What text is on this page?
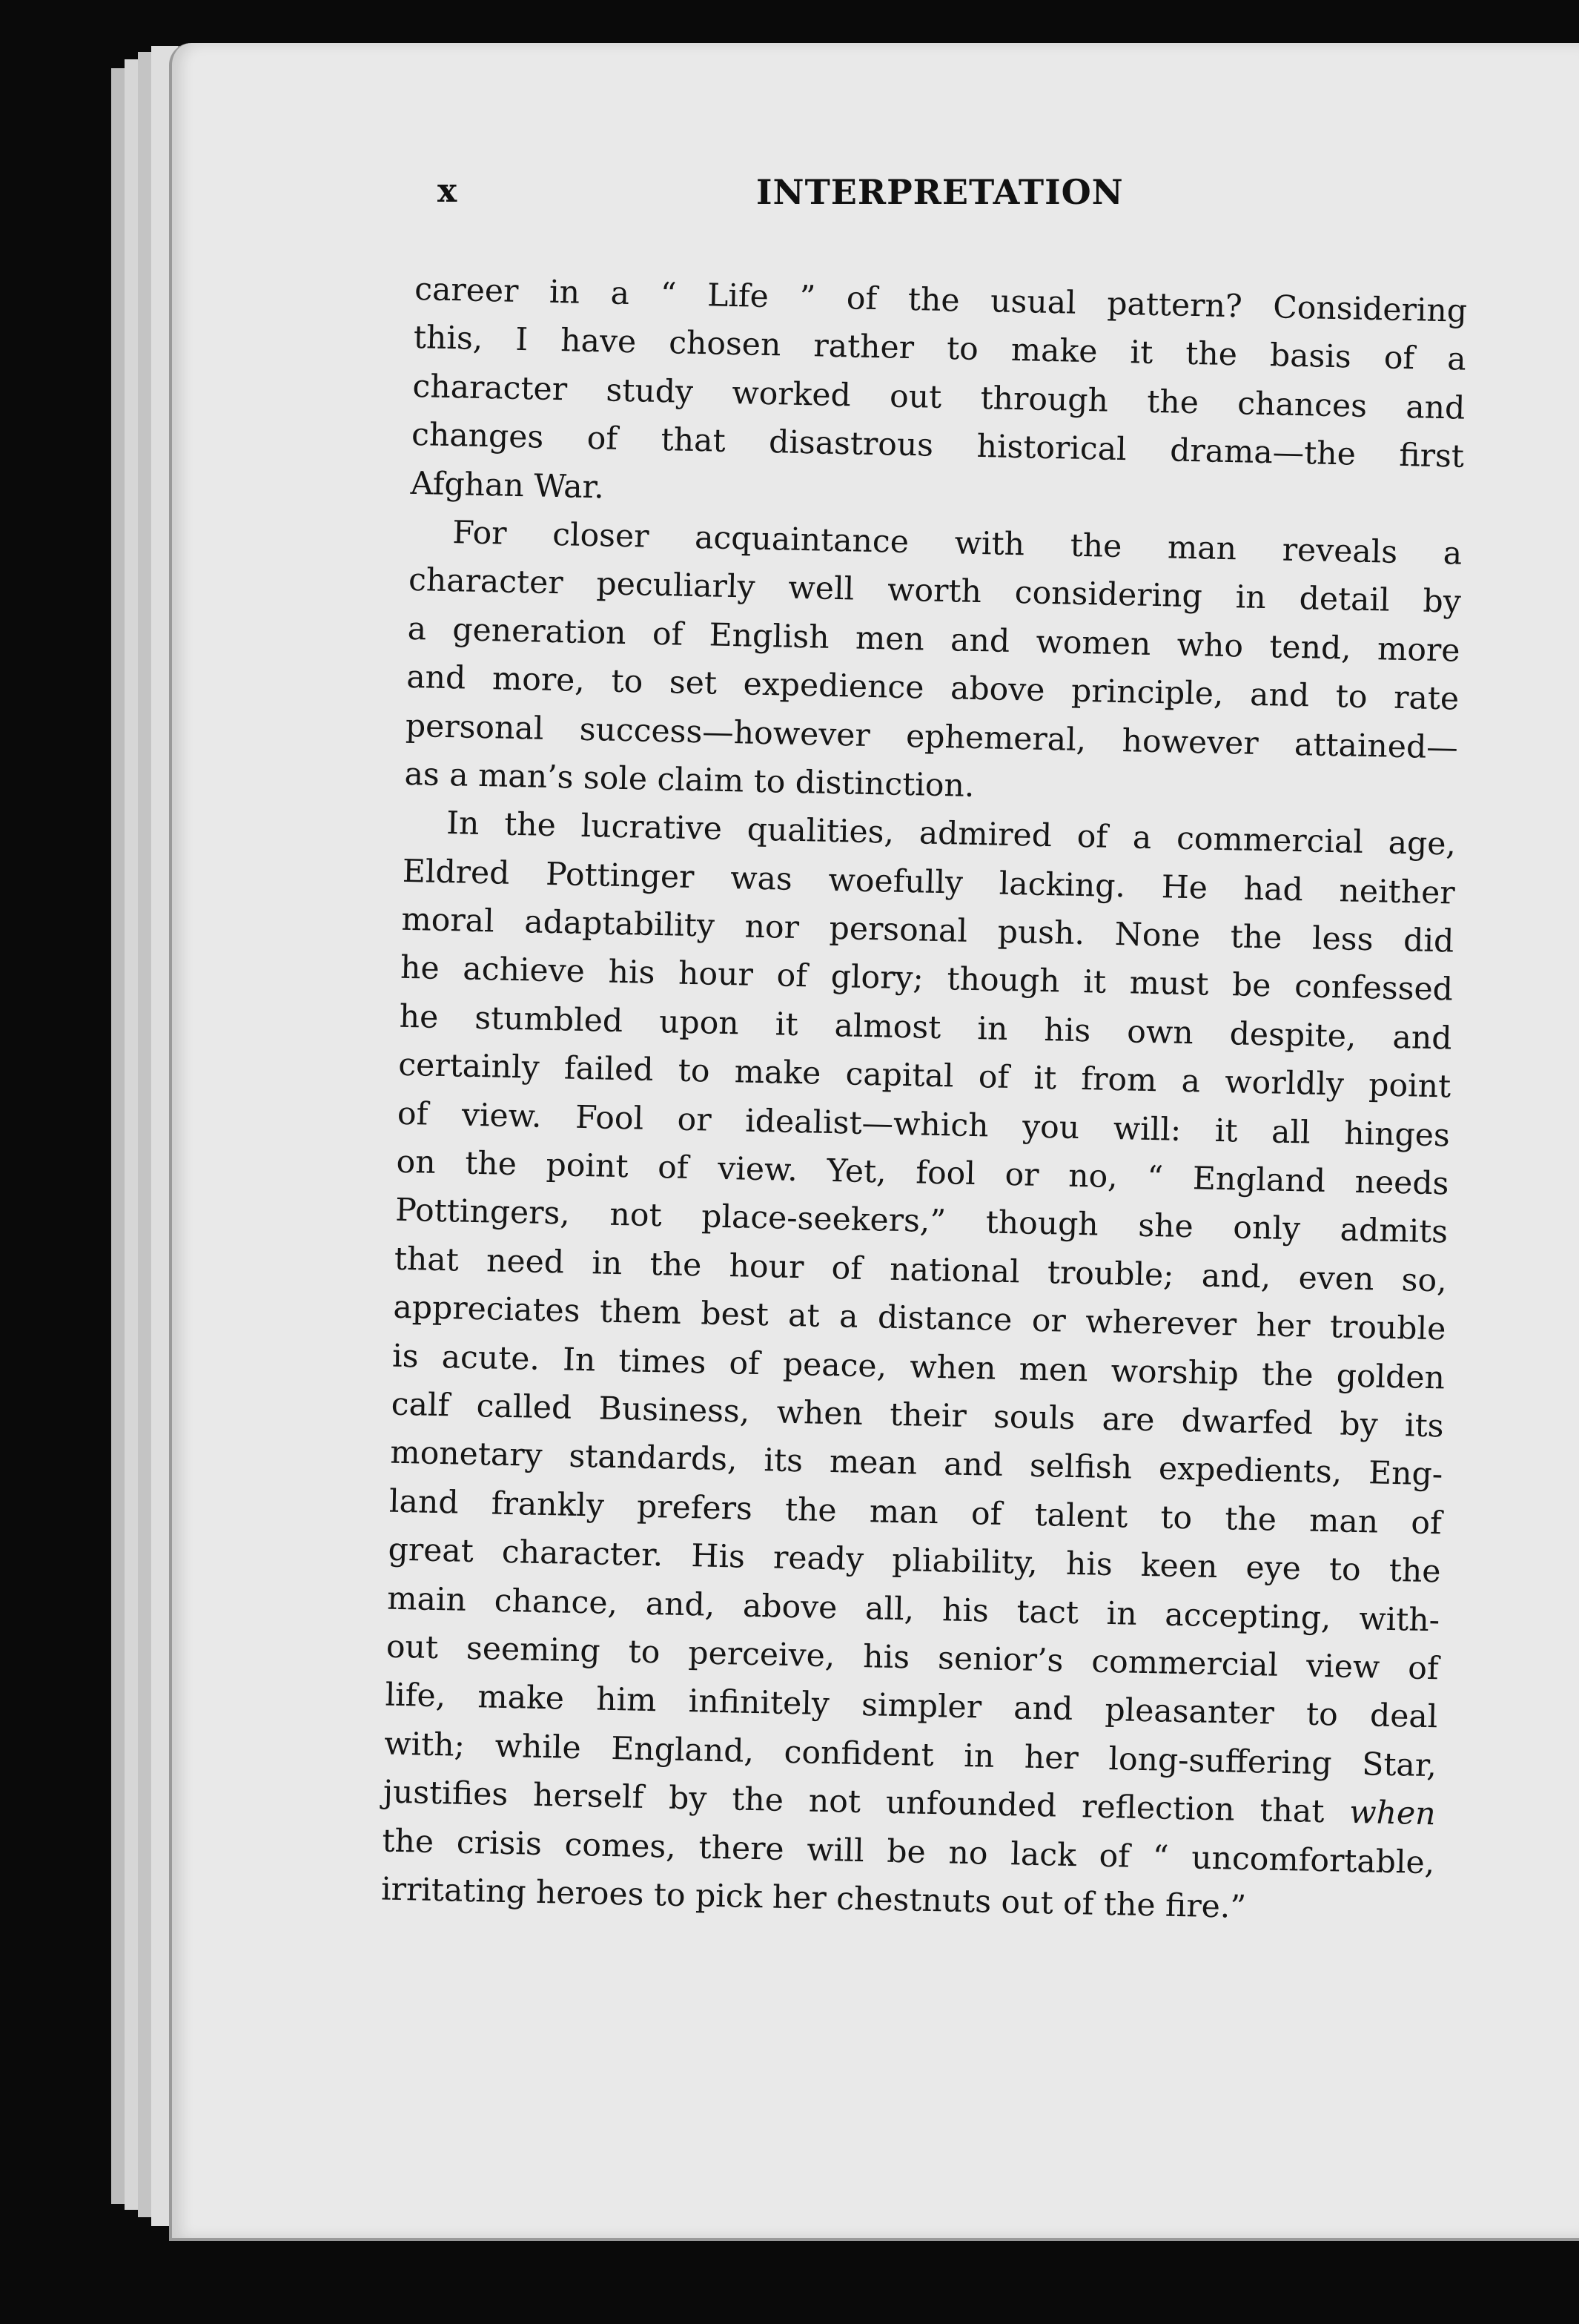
x	INTERPRETATION
career in a “ Life ” of the usual pattern? Considering
this, I have chosen rather to make it the basis of a
character study worked out through the chances and
changes of that disastrous historical drama—the first
Afghan War.
For closer acquaintance with the man reveals a
character peculiarly well worth considering in detail by
a generation of English men and women who tend, more
and more, to set expedience above principle, and to rate
personal success—however ephemeral, however attained—
as a man’s sole claim to distinction.
In the lucrative qualities, admired of a commercial age,
Eldred Pottinger was woefully lacking. He had neither
moral adaptability nor personal push. None the less did
he achieve his hour of glory; though it must be confessed
he stumbled upon it almost in his own despite, and
certainly failed to make capital of it from a worldly point
of view. Fool or idealist—which you will: it all hinges
on the point of view. Yet, fool or no, “ England needs
Pottingers, not place-seekers,” though she only admits
that need in the hour of national trouble; and, even so,
appreciates them best at a distance or wherever her trouble
is acute. In times of peace, when men worship the golden
calf called Business, when their souls are dwarfed by its
monetary standards, its mean and selfish expedients, Eng-
land frankly prefers the man of talent to the man of
great character. His ready pliability, his keen eye to the
main chance, and, above all, his tact in accepting, with-
out seeming to perceive, his senior’s commercial view of
life, make him infinitely simpler and pleasanter to deal
with; while England, confident in her long-suffering Star,
justifies herself by the not unfounded reflection that when
the crisis comes, there will be no lack of “ uncomfortable,
irritating heroes to pick her chestnuts out of the fire.”
